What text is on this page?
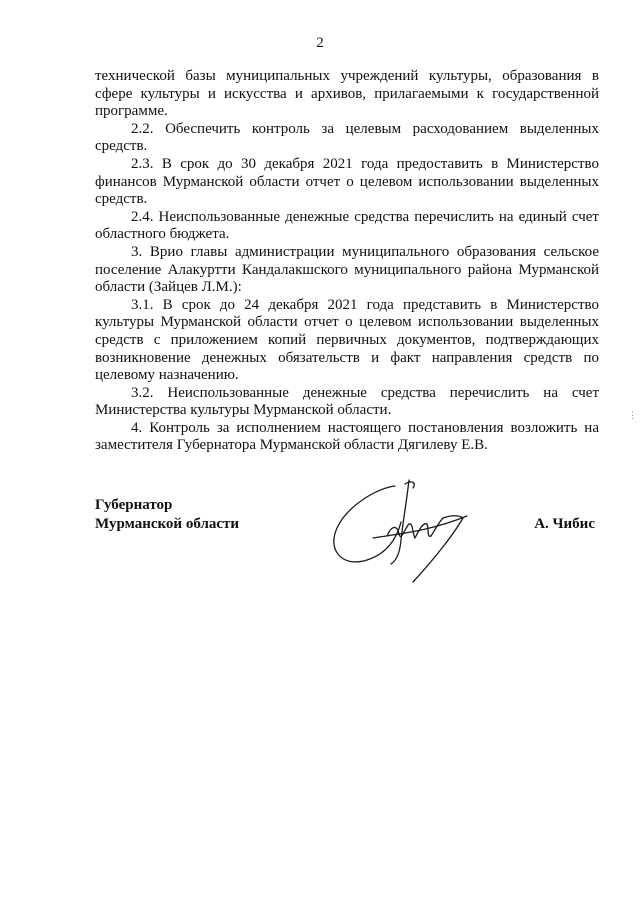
2

технической базы муниципальных учреждений культуры, образования в сфере культуры и искусства и архивов, прилагаемыми к государственной программе.

2.2. Обеспечить контроль за целевым расходованием выделенных средств.

2.3. В срок до 30 декабря 2021 года предоставить в Министерство финансов Мурманской области отчет о целевом использовании выделенных средств.

2.4. Неиспользованные денежные средства перечислить на единый счет областного бюджета.

3. Врио главы администрации муниципального образования сельское поселение Алакуртти Кандалакшского муниципального района Мурманской области (Зайцев Л.М.):

3.1. В срок до 24 декабря 2021 года представить в Министерство культуры Мурманской области отчет о целевом использовании выделенных средств с приложением копий первичных документов, подтверждающих возникновение денежных обязательств и факт направления средств по целевому назначению.

3.2. Неиспользованные денежные средства перечислить на счет Министерства культуры Мурманской области.

4. Контроль за исполнением настоящего постановления возложить на заместителя Губернатора Мурманской области Дягилеву Е.В.

Губернатор
Мурманской области	А. Чибис
⋮
